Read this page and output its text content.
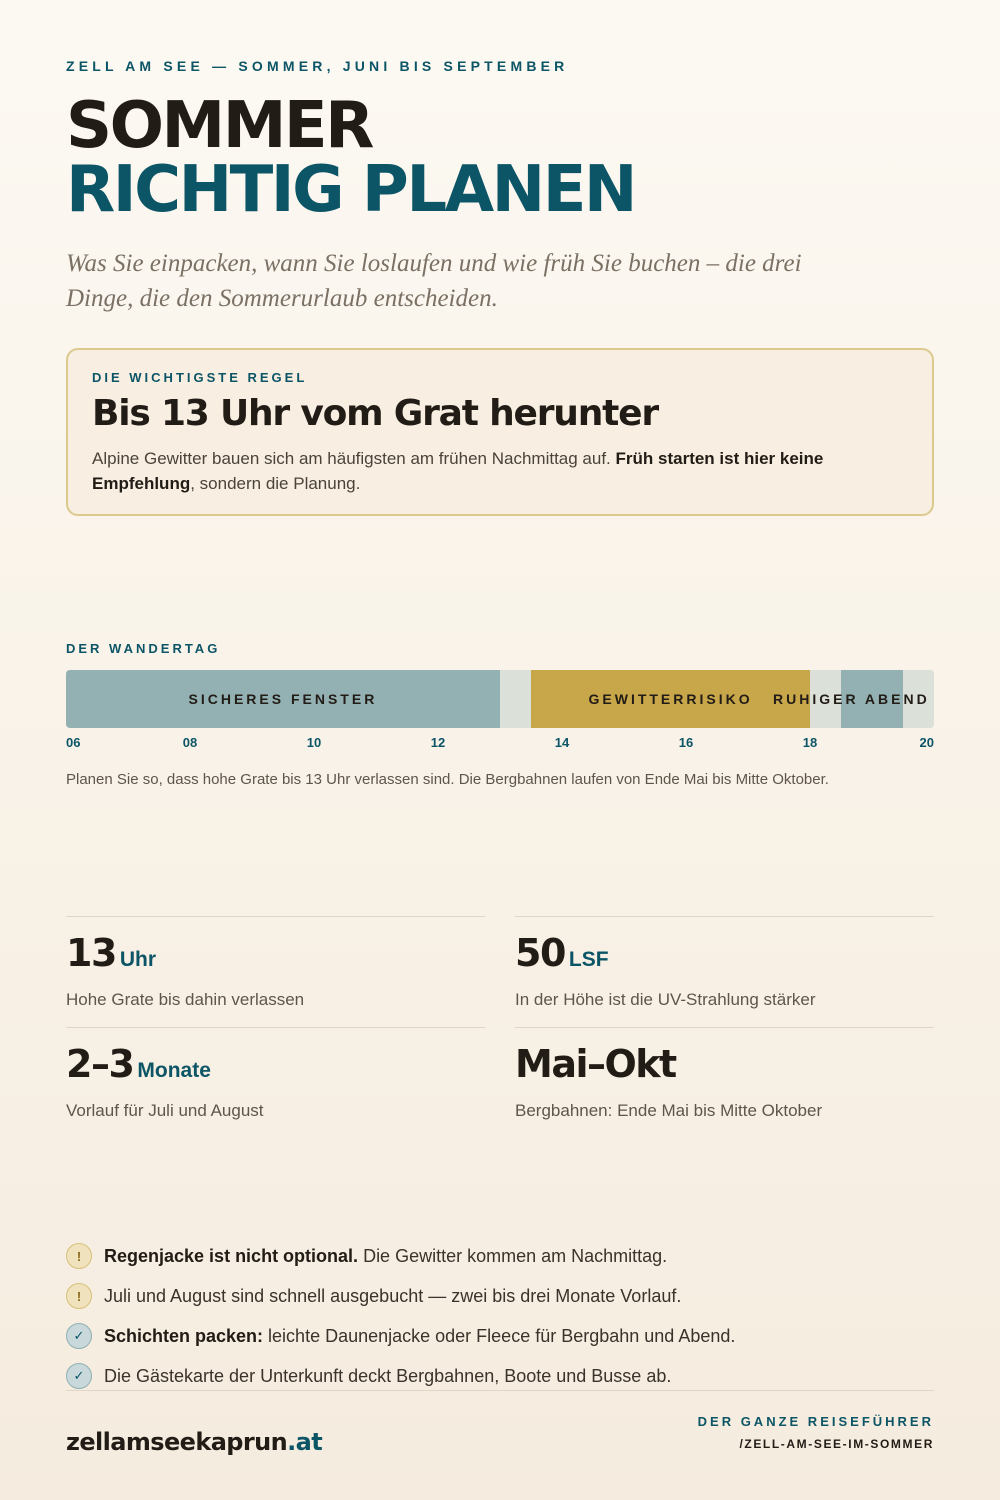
ZELL AM SEE — SOMMER, JUNI BIS SEPTEMBER
SOMMER
RICHTIG PLANEN

Was Sie einpacken, wann Sie loslaufen und wie früh Sie buchen – die drei Dinge, die den Sommerurlaub entscheiden.

DIE WICHTIGSTE REGEL
Bis 13 Uhr vom Grat herunter

Alpine Gewitter bauen sich am häufigsten am frühen Nachmittag auf. Früh starten ist hier keine Empfehlung, sondern die Planung.

DER WANDERTAG
SICHERES FENSTER	GEWITTERRISIKO RUHIGER ABEND
06	08	10	12	14	16	18	20

Planen Sie so, dass hohe Grate bis 13 Uhr verlassen sind. Die Bergbahnen laufen von Ende Mai bis Mitte Oktober.

13 Uhr
Hohe Grate bis dahin verlassen
50 LSF
In der Höhe ist die UV-Strahlung stärker
2–3 Monate
Vorlauf für Juli und August
Mai–Okt
Bergbahnen: Ende Mai bis Mitte Oktober
!	Regenjacke ist nicht optional. Die Gewitter kommen am Nachmittag.
!	Juli und August sind schnell ausgebucht — zwei bis drei Monate Vorlauf.
✓	Schichten packen: leichte Daunenjacke oder Fleece für Bergbahn und Abend.
✓	Die Gästekarte der Unterkunft deckt Bergbahnen, Boote und Busse ab.
zellamseekaprun.at
DER GANZE REISEFÜHRER
/ZELL-AM-SEE-IM-SOMMER
